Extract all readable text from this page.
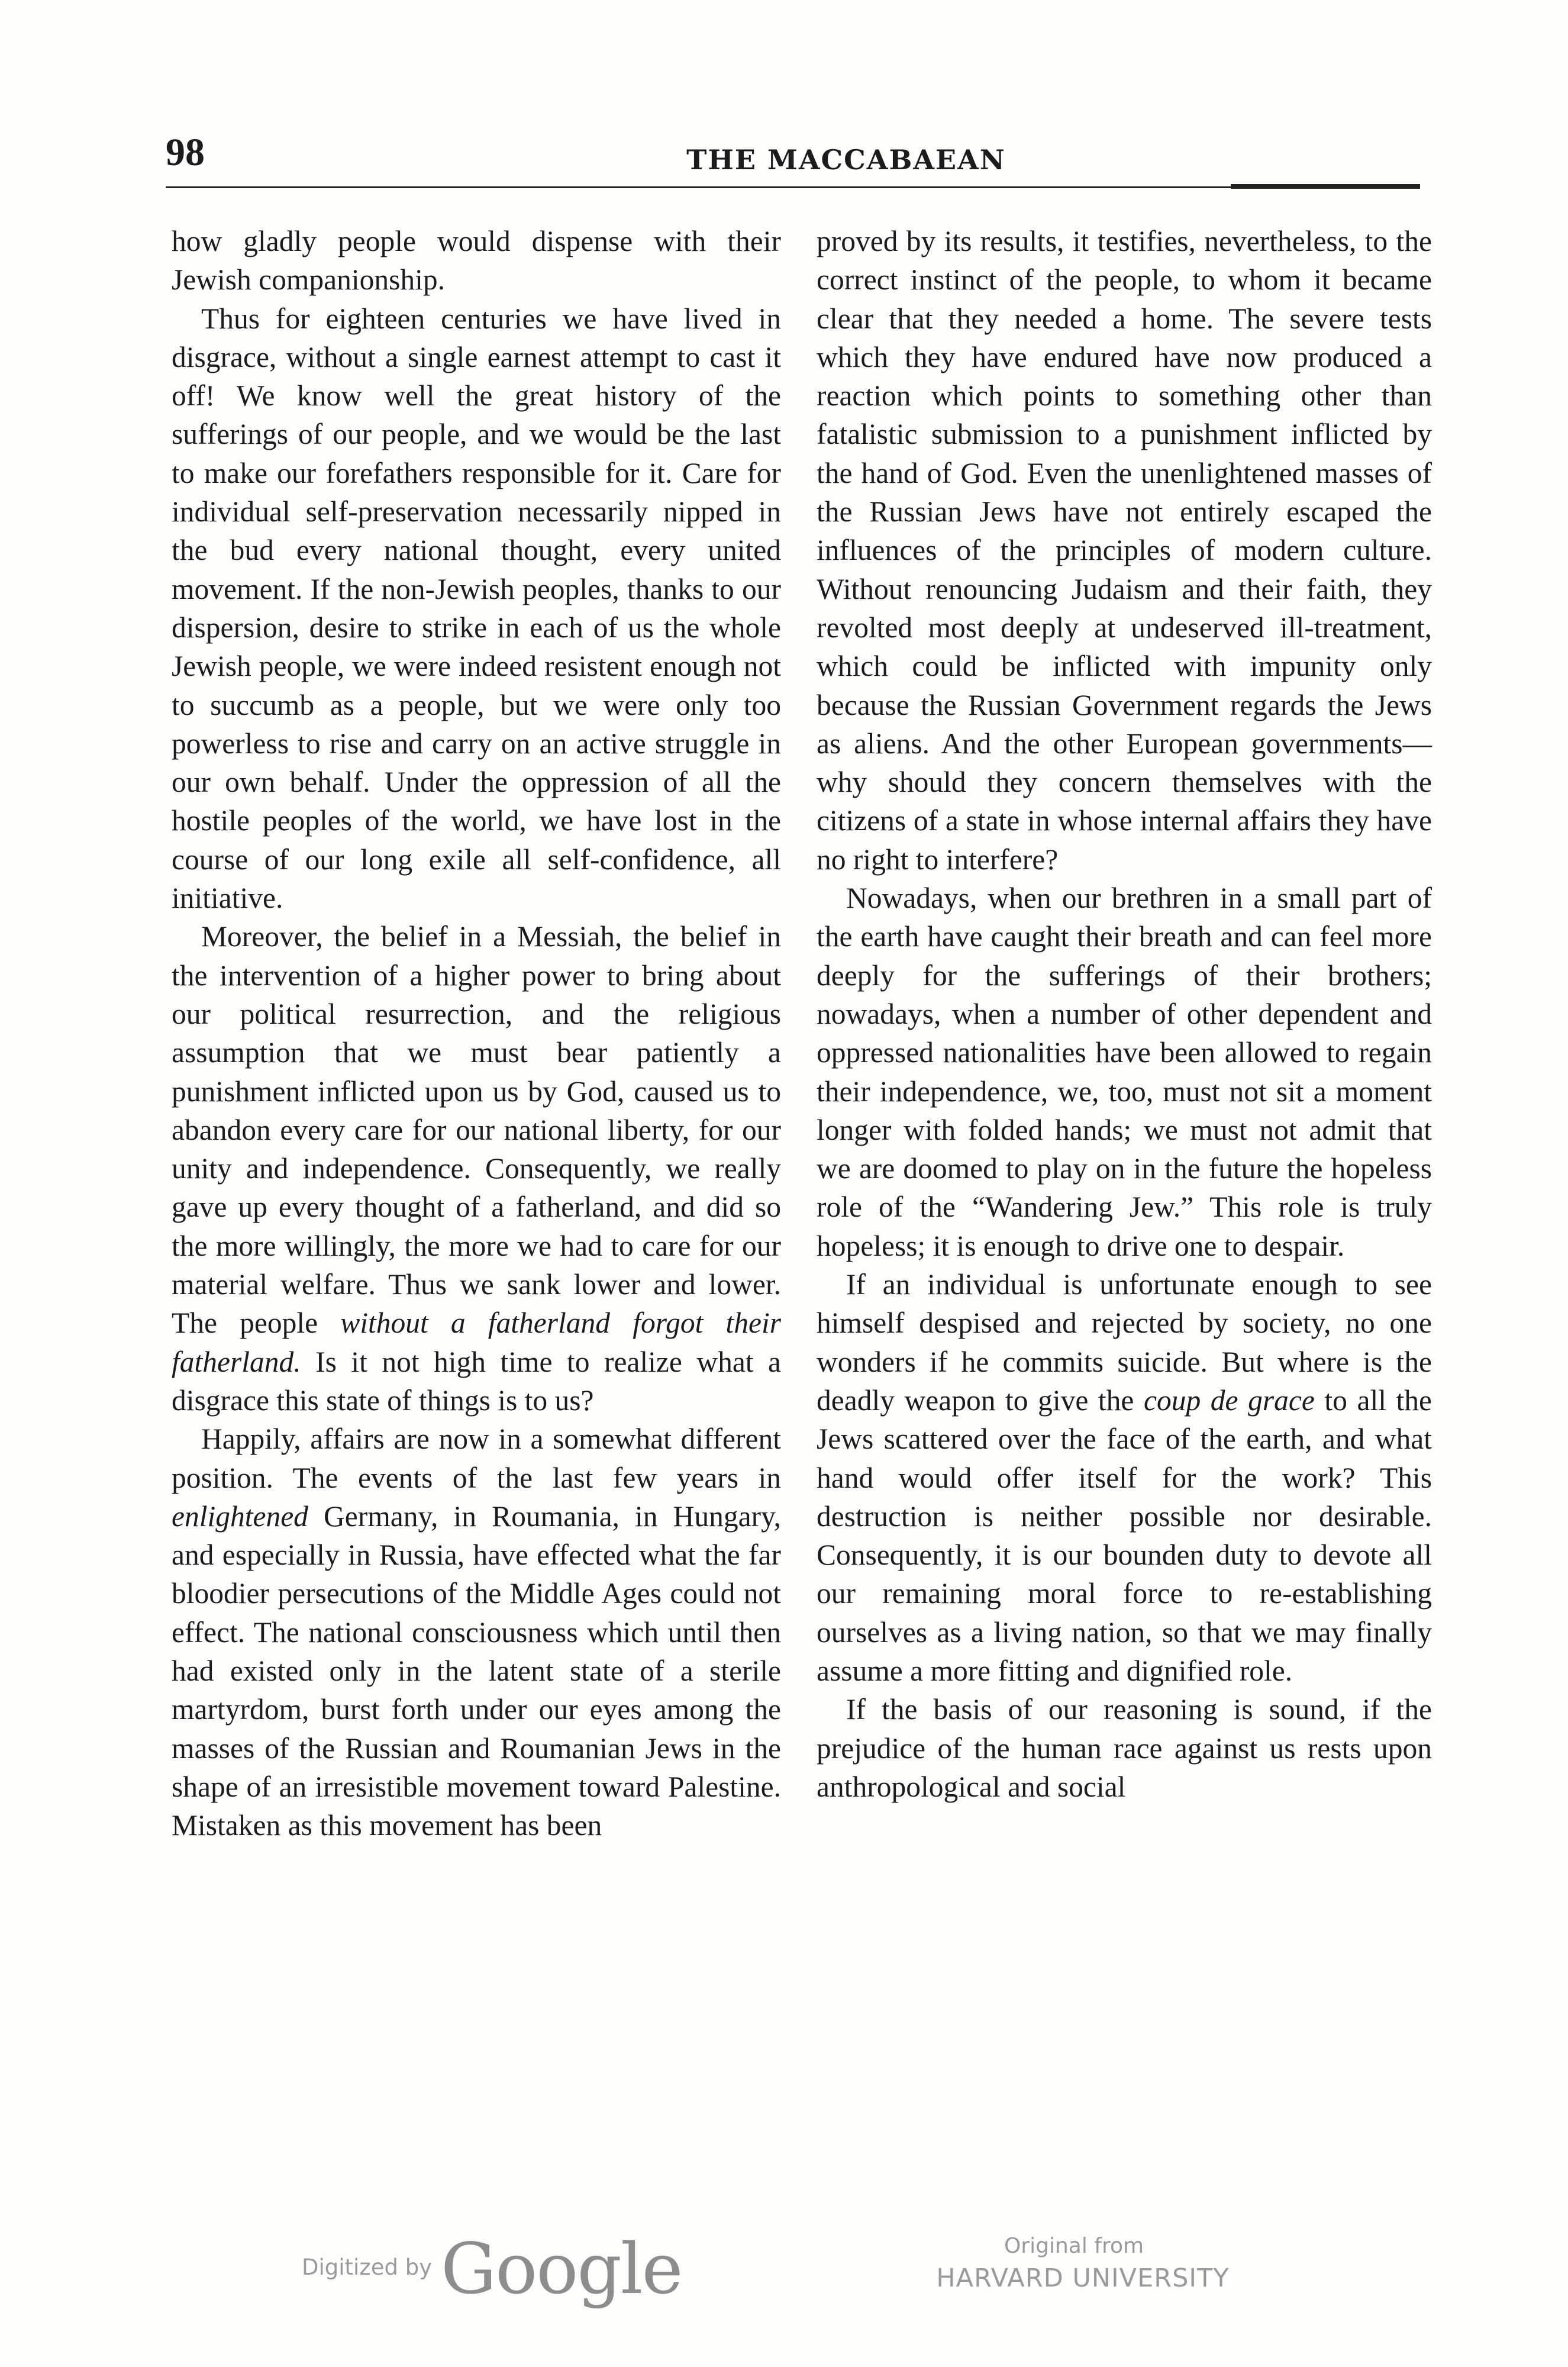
98	THE MACCABAEAN

how gladly people would dispense with their Jewish companionship.

Thus for eighteen centuries we have lived in disgrace, without a single earnest attempt to cast it off! We know well the great history of the sufferings of our people, and we would be the last to make our forefathers responsible for it. Care for individual self-preservation necessarily nipped in the bud every national thought, every united movement. If the non-Jewish peoples, thanks to our dispersion, desire to strike in each of us the whole Jewish people, we were indeed resistent enough not to succumb as a people, but we were only too powerless to rise and carry on an active struggle in our own behalf. Under the oppression of all the hostile peoples of the world, we have lost in the course of our long exile all self-confidence, all initiative.

Moreover, the belief in a Messiah, the belief in the intervention of a higher power to bring about our political resurrection, and the religious assumption that we must bear patiently a punishment inflicted upon us by God, caused us to abandon every care for our national liberty, for our unity and independence. Consequently, we really gave up every thought of a fatherland, and did so the more willingly, the more we had to care for our material welfare. Thus we sank lower and lower. The people without a fatherland forgot their fatherland. Is it not high time to realize what a disgrace this state of things is to us?

Happily, affairs are now in a somewhat different position. The events of the last few years in enlightened Germany, in Roumania, in Hungary, and especially in Russia, have effected what the far bloodier persecutions of the Middle Ages could not effect. The national consciousness which until then had existed only in the latent state of a sterile martyrdom, burst forth under our eyes among the masses of the Russian and Roumanian Jews in the shape of an irresistible movement toward Palestine. Mistaken as this movement has been

proved by its results, it testifies, nevertheless, to the correct instinct of the people, to whom it became clear that they needed a home. The severe tests which they have endured have now produced a reaction which points to something other than fatalistic submission to a punishment inflicted by the hand of God. Even the unenlightened masses of the Russian Jews have not entirely escaped the influences of the principles of modern culture. Without renouncing Judaism and their faith, they revolted most deeply at undeserved ill-treatment, which could be inflicted with impunity only because the Russian Government regards the Jews as aliens. And the other European governments—why should they concern themselves with the citizens of a state in whose internal affairs they have no right to interfere?

Nowadays, when our brethren in a small part of the earth have caught their breath and can feel more deeply for the sufferings of their brothers; nowadays, when a number of other dependent and oppressed nationalities have been allowed to regain their independence, we, too, must not sit a moment longer with folded hands; we must not admit that we are doomed to play on in the future the hopeless role of the “Wandering Jew.” This role is truly hopeless; it is enough to drive one to despair.

If an individual is unfortunate enough to see himself despised and rejected by society, no one wonders if he commits suicide. But where is the deadly weapon to give the coup de grace to all the Jews scattered over the face of the earth, and what hand would offer itself for the work? This destruction is neither possible nor desirable. Consequently, it is our bounden duty to devote all our remaining moral force to re-establishing ourselves as a living nation, so that we may finally assume a more fitting and dignified role.

If the basis of our reasoning is sound, if the prejudice of the human race against us rests upon anthropological and social

Digitized by Google	Original from
HARVARD UNIVERSITY
